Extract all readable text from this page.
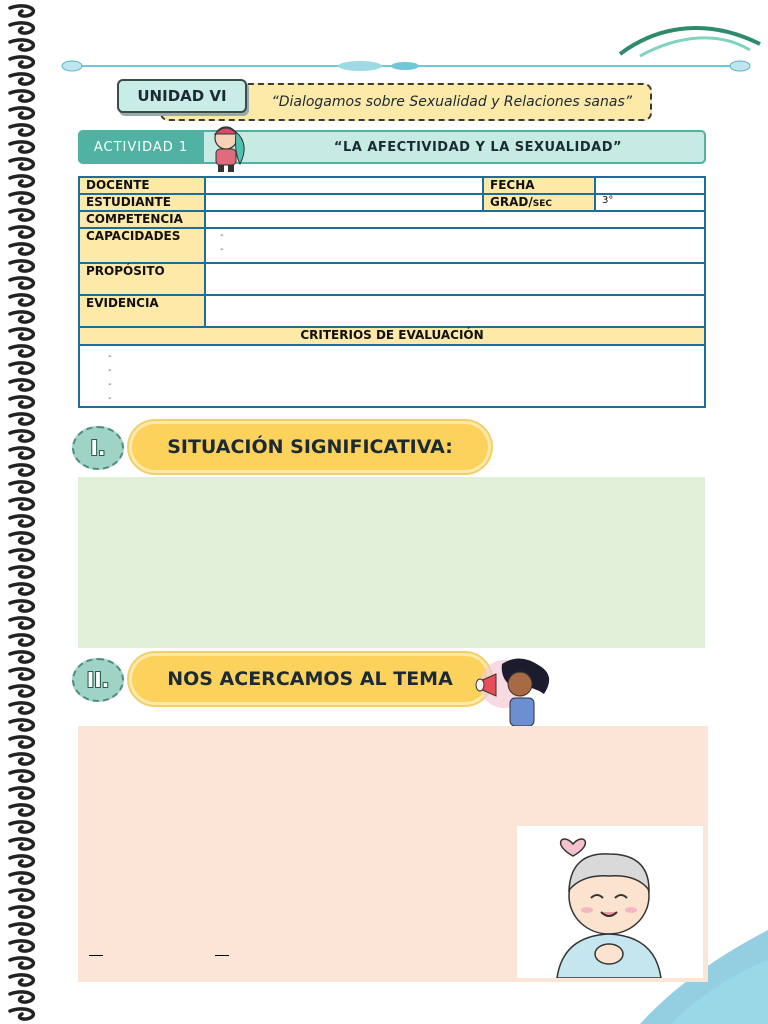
“Dialogamos sobre Sexualidad y Relaciones sanas”
UNIDAD VI
ACTIVIDAD 1	“LA AFECTIVIDAD Y LA SEXUALIDAD”
DOCENTE		FECHA	
ESTUDIANTE		GRAD/SEC	3°
COMPETENCIA			
CAPACIDADES	-
-		

PROPÓSITO			
EVIDENCIA			
CRITERIOS DE EVALUACIÓN			

-
-
-
-			
I.	SITUACIÓN SIGNIFICATIVA:
II.	NOS ACERCAMOS AL TEMA
